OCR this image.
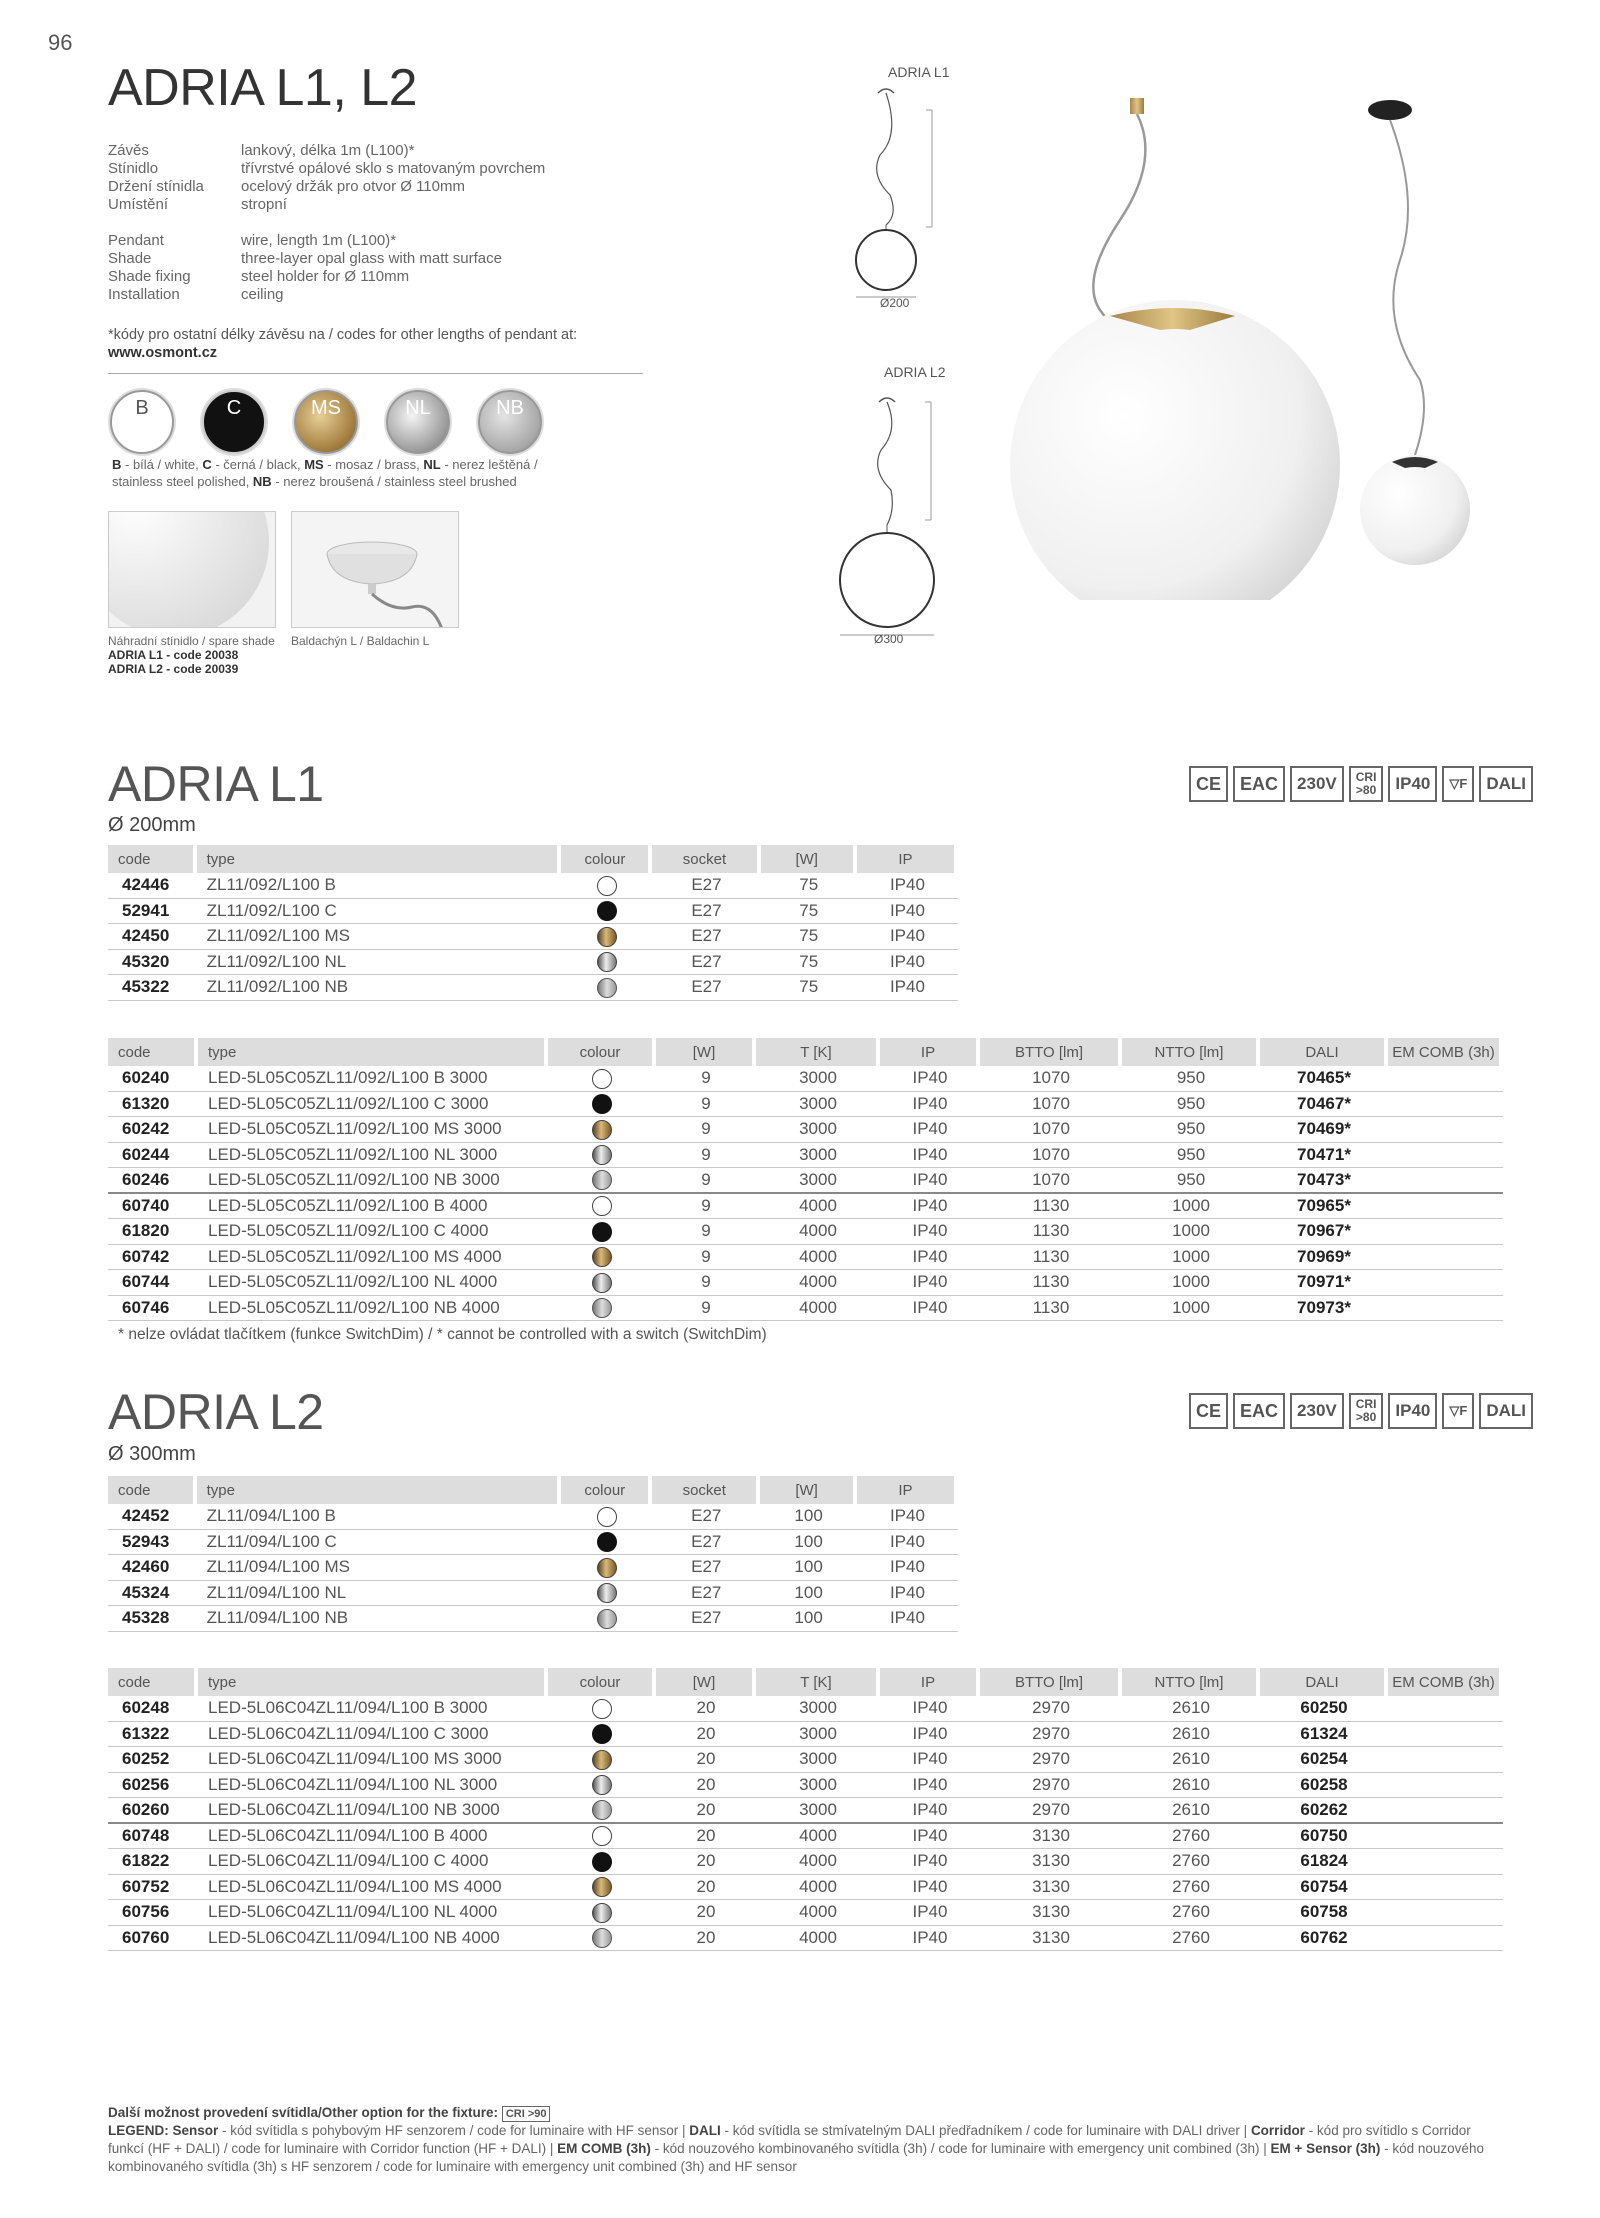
96
ADRIA L1, L2
Závěs	lankový, délka 1m (L100)*
Stínidlo	třívrstvé opálové sklo s matovaným povrchem
Držení stínidla	ocelový držák pro otvor Ø 110mm
Umístění	stropní
Pendant	wire, length 1m (L100)*
Shade	three-layer opal glass with matt surface
Shade fixing	steel holder for Ø 110mm
Installation	ceiling
*kódy pro ostatní délky závěsu na / codes for other lengths of pendant at:
www.osmont.cz
B	C	MS	NL	NB
B - bílá / white, C - černá / black, MS - mosaz / brass, NL - nerez leštěná /
stainless steel polished, NB - nerez broušená / stainless steel brushed
Náhradní stínidlo / spare shade
ADRIA L1 - code 20038
ADRIA L2 - code 20039
Baldachýn L / Baldachin L
ADRIA L1
Ø200
ADRIA L2
Ø300
ADRIA L1
Ø 200mm
CE	EAC	230V	CRI
>80	IP40	▽F	DALI
code	type	colour	socket	[W]	IP
42446	ZL11/092/L100 B		E27	75	IP40
52941	ZL11/092/L100 C		E27	75	IP40
42450	ZL11/092/L100 MS		E27	75	IP40
45320	ZL11/092/L100 NL		E27	75	IP40
45322	ZL11/092/L100 NB		E27	75	IP40
code	type	colour	[W]	T [K]	IP	BTTO [lm]	NTTO [lm]	DALI	EM COMB (3h)
60240	LED-5L05C05ZL11/092/L100 B 3000		9	3000	IP40	1070	950	70465*	
61320	LED-5L05C05ZL11/092/L100 C 3000		9	3000	IP40	1070	950	70467*	
60242	LED-5L05C05ZL11/092/L100 MS 3000		9	3000	IP40	1070	950	70469*	
60244	LED-5L05C05ZL11/092/L100 NL 3000		9	3000	IP40	1070	950	70471*	
60246	LED-5L05C05ZL11/092/L100 NB 3000		9	3000	IP40	1070	950	70473*	
60740	LED-5L05C05ZL11/092/L100 B 4000		9	4000	IP40	1130	1000	70965*	
61820	LED-5L05C05ZL11/092/L100 C 4000		9	4000	IP40	1130	1000	70967*	
60742	LED-5L05C05ZL11/092/L100 MS 4000		9	4000	IP40	1130	1000	70969*	
60744	LED-5L05C05ZL11/092/L100 NL 4000		9	4000	IP40	1130	1000	70971*	
60746	LED-5L05C05ZL11/092/L100 NB 4000		9	4000	IP40	1130	1000	70973*	
* nelze ovládat tlačítkem (funkce SwitchDim) / * cannot be controlled with a switch (SwitchDim)
ADRIA L2
Ø 300mm
CE	EAC	230V	CRI
>80	IP40	▽F	DALI
code	type	colour	socket	[W]	IP
42452	ZL11/094/L100 B		E27	100	IP40
52943	ZL11/094/L100 C		E27	100	IP40
42460	ZL11/094/L100 MS		E27	100	IP40
45324	ZL11/094/L100 NL		E27	100	IP40
45328	ZL11/094/L100 NB		E27	100	IP40
code	type	colour	[W]	T [K]	IP	BTTO [lm]	NTTO [lm]	DALI	EM COMB (3h)
60248	LED-5L06C04ZL11/094/L100 B 3000		20	3000	IP40	2970	2610	60250	
61322	LED-5L06C04ZL11/094/L100 C 3000		20	3000	IP40	2970	2610	61324	
60252	LED-5L06C04ZL11/094/L100 MS 3000		20	3000	IP40	2970	2610	60254	
60256	LED-5L06C04ZL11/094/L100 NL 3000		20	3000	IP40	2970	2610	60258	
60260	LED-5L06C04ZL11/094/L100 NB 3000		20	3000	IP40	2970	2610	60262	
60748	LED-5L06C04ZL11/094/L100 B 4000		20	4000	IP40	3130	2760	60750	
61822	LED-5L06C04ZL11/094/L100 C 4000		20	4000	IP40	3130	2760	61824	
60752	LED-5L06C04ZL11/094/L100 MS 4000		20	4000	IP40	3130	2760	60754	
60756	LED-5L06C04ZL11/094/L100 NL 4000		20	4000	IP40	3130	2760	60758	
60760	LED-5L06C04ZL11/094/L100 NB 4000		20	4000	IP40	3130	2760	60762	
Další možnost provedení svítidla/Other option for the fixture: CRI >90
LEGEND: Sensor - kód svítidla s pohybovým HF senzorem / code for luminaire with HF sensor | DALI - kód svítidla se stmívatelným DALI předřadníkem / code for luminaire with DALI driver | Corridor - kód pro svítidlo s Corridor funkcí (HF + DALI) / code for luminaire with Corridor function (HF + DALI) | EM COMB (3h) - kód nouzového kombinovaného svítidla (3h) / code for luminaire with emergency unit combined (3h) | EM + Sensor (3h) - kód nouzového kombinovaného svítidla (3h) s HF senzorem / code for luminaire with emergency unit combined (3h) and HF sensor
